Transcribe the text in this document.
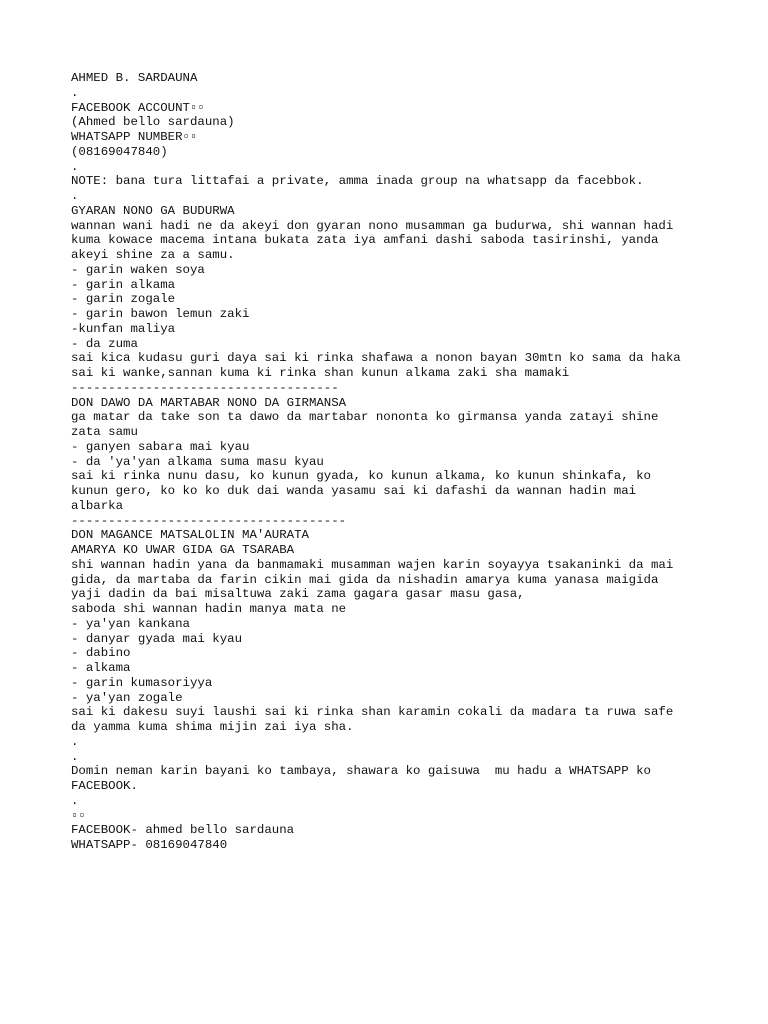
AHMED B. SARDAUNA
.
FACEBOOK ACCOUNT▫▫
(Ahmed bello sardauna)
WHATSAPP NUMBER▫▫
(08169047840)
.
NOTE: bana tura littafai a private, amma inada group na whatsapp da facebbok.
.
GYARAN NONO GA BUDURWA
wannan wani hadi ne da akeyi don gyaran nono musamman ga budurwa, shi wannan hadi
kuma kowace macema intana bukata zata iya amfani dashi saboda tasirinshi, yanda
akeyi shine za a samu.
- garin waken soya
- garin alkama
- garin zogale
- garin bawon lemun zaki
-kunfan maliya
- da zuma
sai kica kudasu guri daya sai ki rinka shafawa a nonon bayan 30mtn ko sama da haka
sai ki wanke,sannan kuma ki rinka shan kunun alkama zaki sha mamaki
------------------------------------
DON DAWO DA MARTABAR NONO DA GIRMANSA
ga matar da take son ta dawo da martabar nononta ko girmansa yanda zatayi shine
zata samu
- ganyen sabara mai kyau
- da 'ya'yan alkama suma masu kyau
sai ki rinka nunu dasu, ko kunun gyada, ko kunun alkama, ko kunun shinkafa, ko
kunun gero, ko ko ko duk dai wanda yasamu sai ki dafashi da wannan hadin mai
albarka
-------------------------------------
DON MAGANCE MATSALOLIN MA'AURATA
AMARYA KO UWAR GIDA GA TSARABA
shi wannan hadin yana da banmamaki musamman wajen karin soyayya tsakaninki da mai
gida, da martaba da farin cikin mai gida da nishadin amarya kuma yanasa maigida
yaji dadin da bai misaltuwa zaki zama gagara gasar masu gasa,
saboda shi wannan hadin manya mata ne
- ya'yan kankana
- danyar gyada mai kyau
- dabino
- alkama
- garin kumasoriyya
- ya'yan zogale
sai ki dakesu suyi laushi sai ki rinka shan karamin cokali da madara ta ruwa safe
da yamma kuma shima mijin zai iya sha.
.
.
Domin neman karin bayani ko tambaya, shawara ko gaisuwa  mu hadu a WHATSAPP ko
FACEBOOK.
.
▫▫
FACEBOOK- ahmed bello sardauna
WHATSAPP- 08169047840
